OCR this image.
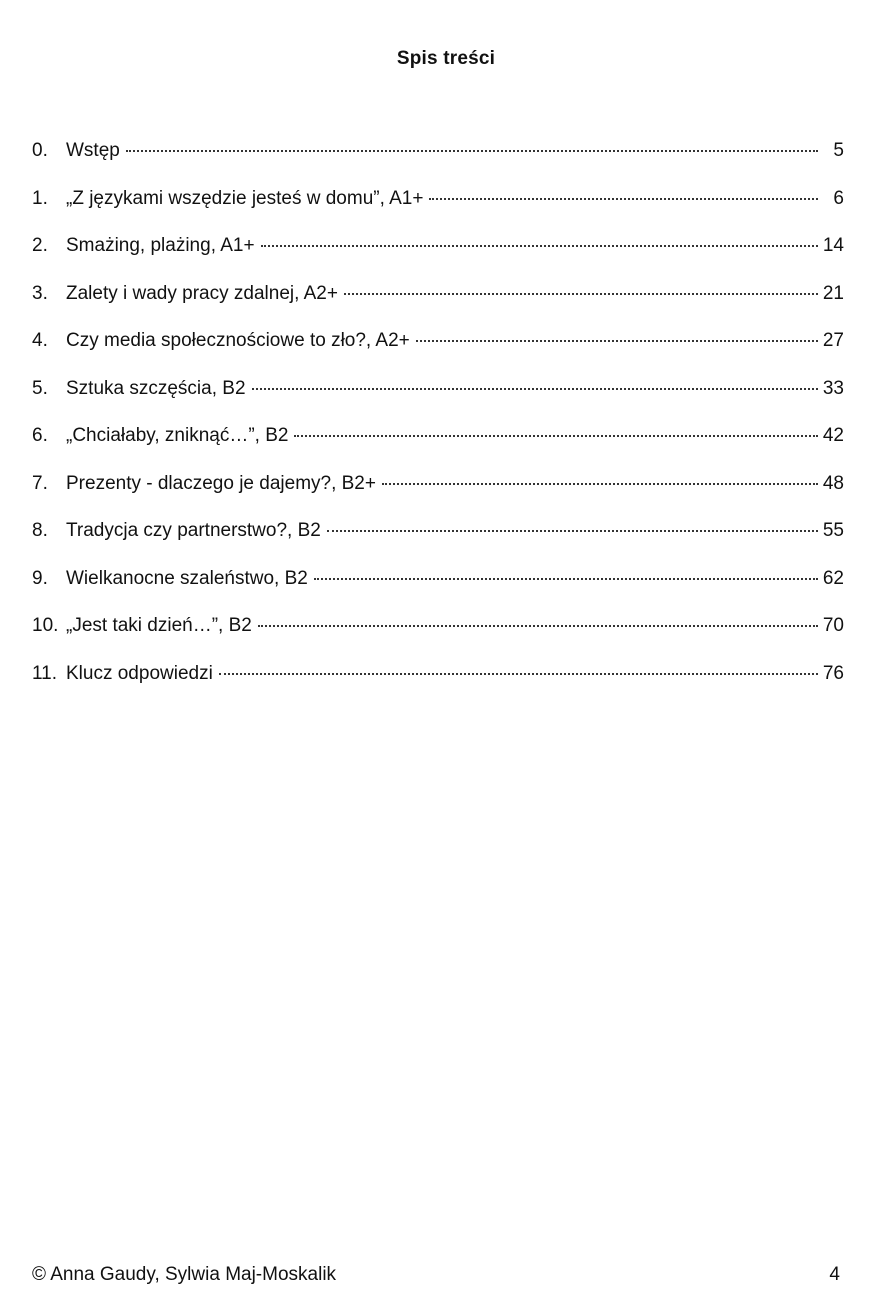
Spis treści
0. Wstęp	5
1. „Z językami wszędzie jesteś w domu”, A1+	6
2. Smażing, plażing, A1+	14
3. Zalety i wady pracy zdalnej, A2+	21
4. Czy media społecznościowe to zło?, A2+	27
5. Sztuka szczęścia, B2	33
6. „Chciałaby, zniknąć…”, B2	42
7. Prezenty - dlaczego je dajemy?, B2+	48
8. Tradycja czy partnerstwo?, B2	55
9. Wielkanocne szaleństwo, B2	62
10. „Jest taki dzień…”, B2	70
11. Klucz odpowiedzi	76
© Anna Gaudy, Sylwia Maj-Moskalik	4
